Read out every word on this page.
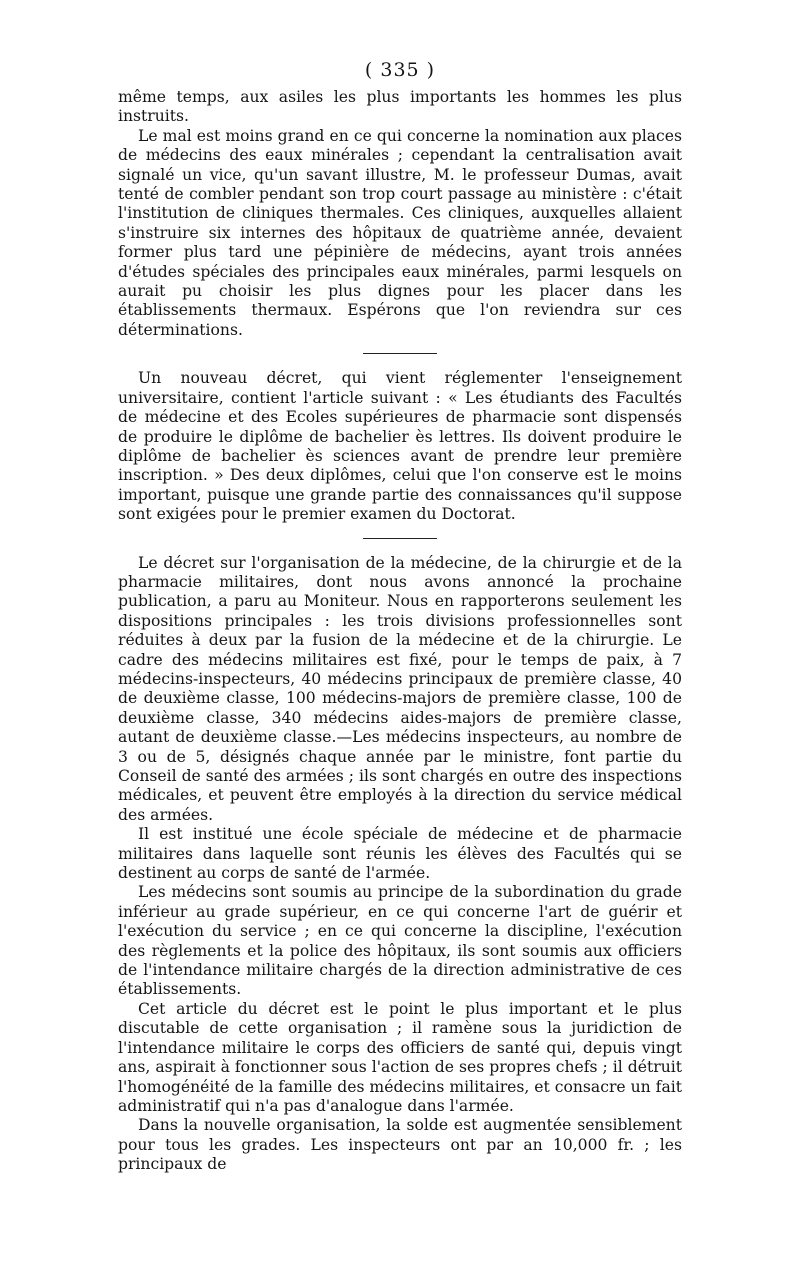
( 335 )

même temps, aux asiles les plus importants les hommes les plus instruits.

Le mal est moins grand en ce qui concerne la nomination aux places de médecins des eaux minérales ; cependant la centralisation avait signalé un vice, qu'un savant illustre, M. le professeur Dumas, avait tenté de combler pendant son trop court passage au ministère : c'était l'institution de cliniques thermales. Ces cliniques, auxquelles allaient s'instruire six internes des hôpitaux de quatrième année, devaient former plus tard une pépinière de médecins, ayant trois années d'études spéciales des principales eaux minérales, parmi lesquels on aurait pu choisir les plus dignes pour les placer dans les établissements thermaux. Espérons que l'on reviendra sur ces déterminations.

Un nouveau décret, qui vient réglementer l'enseignement universitaire, contient l'article suivant : « Les étudiants des Facultés de médecine et des Ecoles supérieures de pharmacie sont dispensés de produire le diplôme de bachelier ès lettres. Ils doivent produire le diplôme de bachelier ès sciences avant de prendre leur première inscription. » Des deux diplômes, celui que l'on conserve est le moins important, puisque une grande partie des connaissances qu'il suppose sont exigées pour le premier examen du Doctorat.

Le décret sur l'organisation de la médecine, de la chirurgie et de la pharmacie militaires, dont nous avons annoncé la prochaine publication, a paru au Moniteur. Nous en rapporterons seulement les dispositions principales : les trois divisions professionnelles sont réduites à deux par la fusion de la médecine et de la chirurgie. Le cadre des médecins militaires est fixé, pour le temps de paix, à 7 médecins-inspecteurs, 40 médecins principaux de première classe, 40 de deuxième classe, 100 médecins-majors de première classe, 100 de deuxième classe, 340 médecins aides-majors de première classe, autant de deuxième classe.—Les médecins inspecteurs, au nombre de 3 ou de 5, désignés chaque année par le ministre, font partie du Conseil de santé des armées ; ils sont chargés en outre des inspections médicales, et peuvent être employés à la direction du service médical des armées.

Il est institué une école spéciale de médecine et de pharmacie militaires dans laquelle sont réunis les élèves des Facultés qui se destinent au corps de santé de l'armée.

Les médecins sont soumis au principe de la subordination du grade inférieur au grade supérieur, en ce qui concerne l'art de guérir et l'exécution du service ; en ce qui concerne la discipline, l'exécution des règlements et la police des hôpitaux, ils sont soumis aux officiers de l'intendance militaire chargés de la direction administrative de ces établissements.

Cet article du décret est le point le plus important et le plus discutable de cette organisation ; il ramène sous la juridiction de l'intendance militaire le corps des officiers de santé qui, depuis vingt ans, aspirait à fonctionner sous l'action de ses propres chefs ; il détruit l'homogénéité de la famille des médecins militaires, et consacre un fait administratif qui n'a pas d'analogue dans l'armée.

Dans la nouvelle organisation, la solde est augmentée sensiblement pour tous les grades. Les inspecteurs ont par an 10,000 fr. ; les principaux de
